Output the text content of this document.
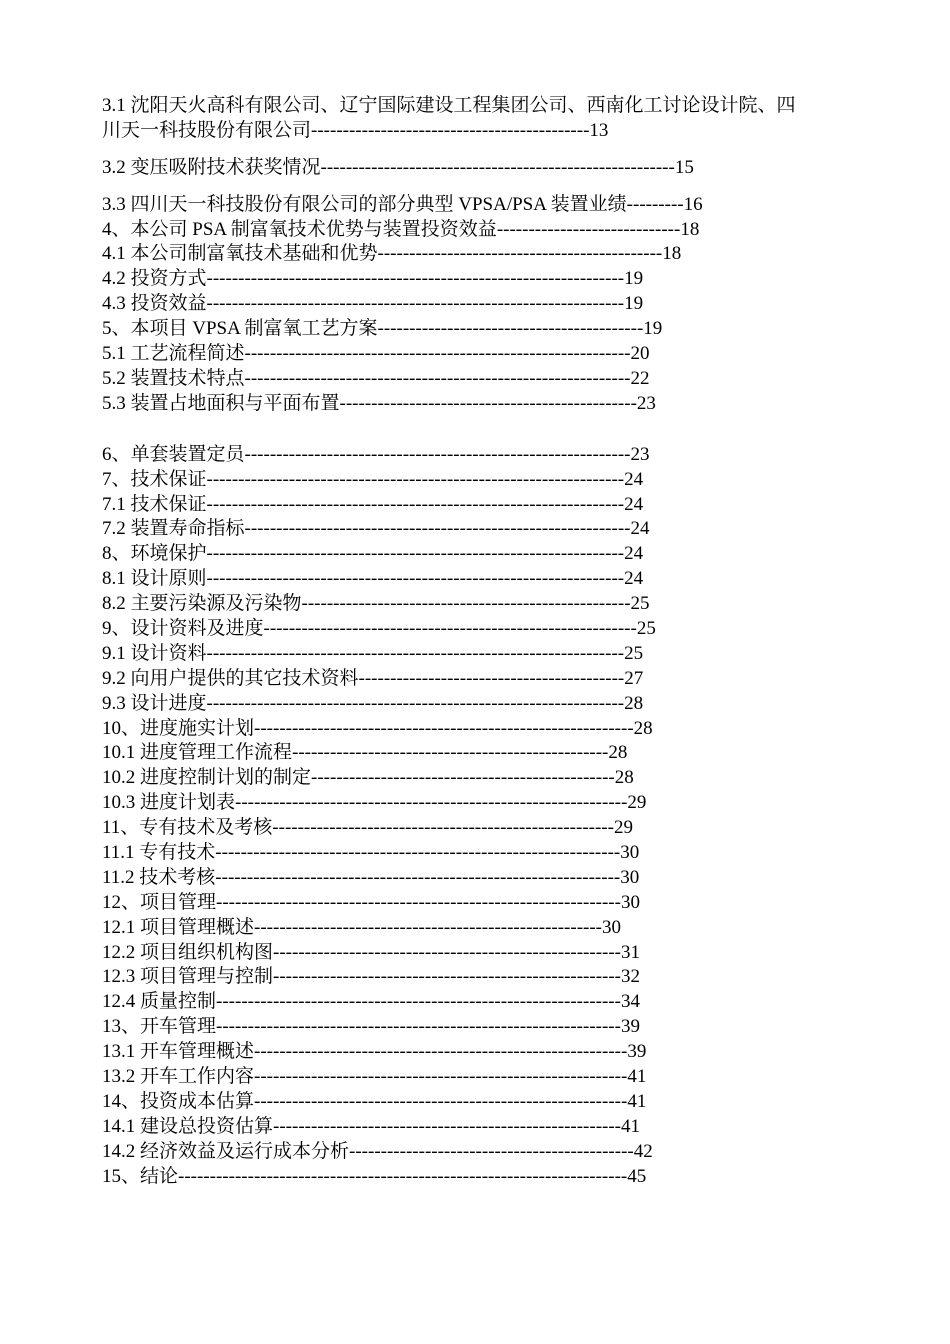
3.1 沈阳天火高科有限公司、辽宁国际建设工程集团公司、西南化工讨论设计院、四川天一科技股份有限公司--------------------------------------------13
3.2 变压吸附技术获奖情况--------------------------------------------------------15
3.3 四川天一科技股份有限公司的部分典型 VPSA/PSA 装置业绩---------16
4、本公司 PSA 制富氧技术优势与装置投资效益-----------------------------18
4.1 本公司制富氧技术基础和优势---------------------------------------------18
4.2 投资方式------------------------------------------------------------------19
4.3 投资效益------------------------------------------------------------------19
5、本项目 VPSA 制富氧工艺方案------------------------------------------19
5.1 工艺流程简述-------------------------------------------------------------20
5.2 装置技术特点-------------------------------------------------------------22
5.3 装置占地面积与平面布置-----------------------------------------------23
6、单套装置定员-------------------------------------------------------------23
7、技术保证------------------------------------------------------------------24
7.1 技术保证------------------------------------------------------------------24
7.2 装置寿命指标-------------------------------------------------------------24
8、环境保护------------------------------------------------------------------24
8.1 设计原则------------------------------------------------------------------24
8.2 主要污染源及污染物----------------------------------------------------25
9、设计资料及进度-----------------------------------------------------------25
9.1 设计资料------------------------------------------------------------------25
9.2 向用户提供的其它技术资料------------------------------------------27
9.3 设计进度------------------------------------------------------------------28
10、进度施实计划------------------------------------------------------------28
10.1 进度管理工作流程--------------------------------------------------28
10.2 进度控制计划的制定------------------------------------------------28
10.3 进度计划表--------------------------------------------------------------29
11、专有技术及考核------------------------------------------------------29
11.1 专有技术----------------------------------------------------------------30
11.2 技术考核----------------------------------------------------------------30
12、项目管理----------------------------------------------------------------30
12.1 项目管理概述-------------------------------------------------------30
12.2 项目组织机构图-------------------------------------------------------31
12.3 项目管理与控制-------------------------------------------------------32
12.4 质量控制----------------------------------------------------------------34
13、开车管理----------------------------------------------------------------39
13.1 开车管理概述-----------------------------------------------------------39
13.2 开车工作内容-----------------------------------------------------------41
14、投资成本估算-----------------------------------------------------------41
14.1 建设总投资估算-------------------------------------------------------41
14.2 经济效益及运行成本分析---------------------------------------------42
15、结论-----------------------------------------------------------------------45
